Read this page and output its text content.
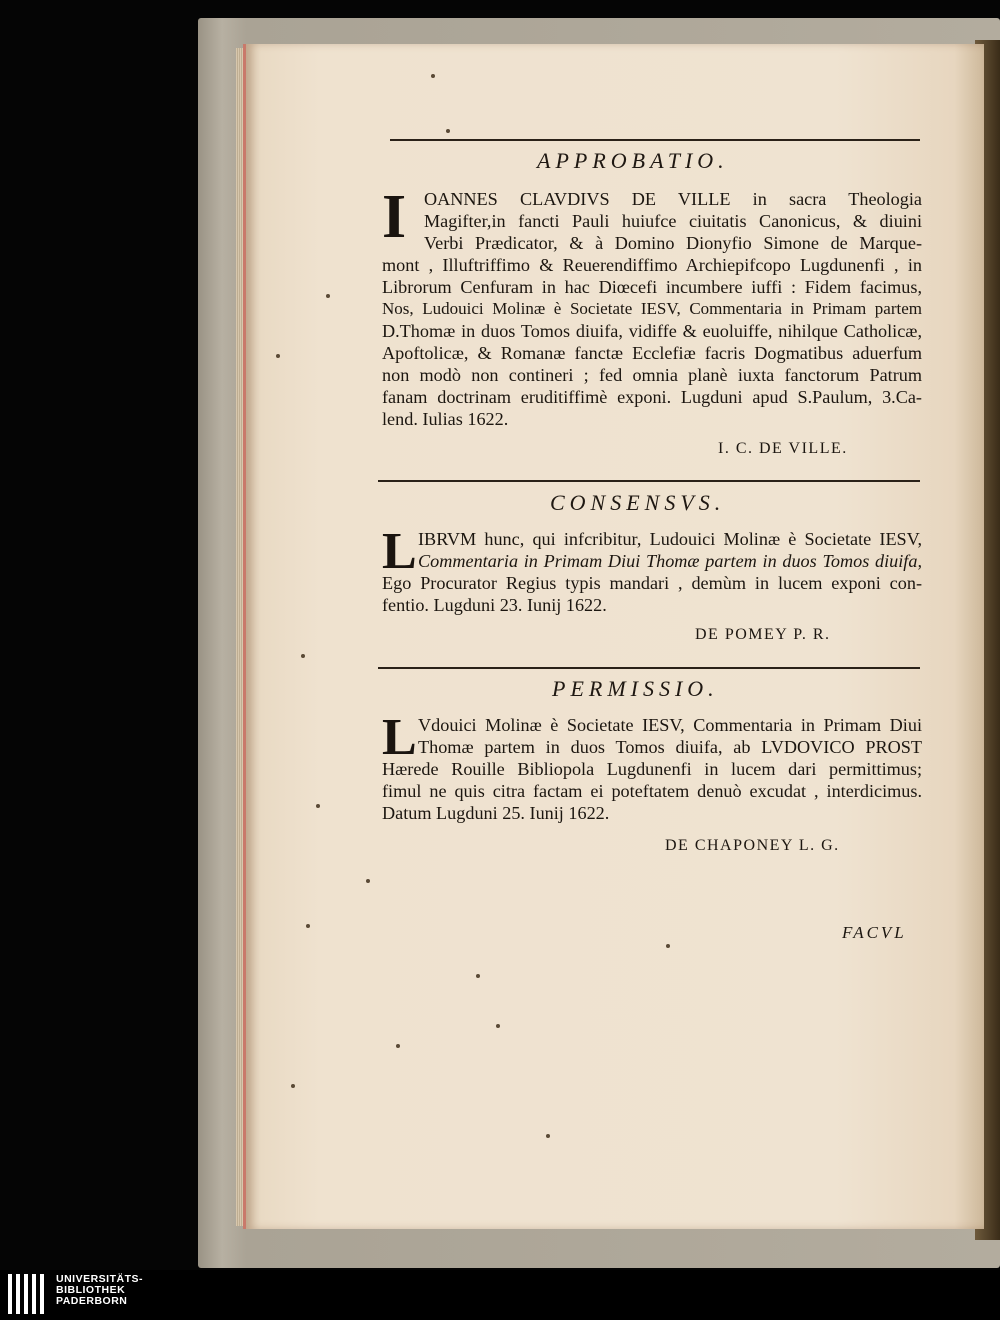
APPROBATIO.
I OANNES CLAVDIVS DE VILLE in sacra Theologia
Magifter,in fancti Pauli huiufce ciuitatis Canonicus, & diuini
Verbi Prædicator, & à Domino Dionyfio Simone de Marque-
mont , Illuftriffimo & Reuerendiffimo Archiepifcopo Lugdunenfi , in
Librorum Cenfuram in hac Diœcefi incumbere iuffi : Fidem facimus,
Nos, Ludouici Molinæ è Societate IESV, Commentaria in Primam partem
D.Thomæ in duos Tomos diuifa, vidiffe & euoluiffe, nihilque Catholicæ,
Apoftolicæ, & Romanæ fanctæ Ecclefiæ facris Dogmatibus aduerfum
non modò non contineri ; fed omnia planè iuxta fanctorum Patrum
fanam doctrinam eruditiffimè exponi. Lugduni apud S.Paulum, 3.Ca-
lend. Iulias 1622.
I. C. DE VILLE.
CONSENSVS.
L IBRVM hunc, qui infcribitur, Ludouici Molinæ è Societate IESV,
Commentaria in Primam Diui Thomæ partem in duos Tomos diuifa,
Ego Procurator Regius typis mandari , demùm in lucem exponi con-
fentio. Lugduni 23. Iunij 1622.
DE POMEY P. R.
PERMISSIO.
L Vdouici Molinæ è Societate IESV, Commentaria in Primam Diui
Thomæ partem in duos Tomos diuifa, ab LVDOVICO PROST
Hærede Rouille Bibliopola Lugdunenfi in lucem dari permittimus;
fimul ne quis citra factam ei poteftatem denuò excudat , interdicimus.
Datum Lugduni 25. Iunij 1622.
DE CHAPONEY L. G.
FACVL
UNIVERSITÄTS-
BIBLIOTHEK
PADERBORN
